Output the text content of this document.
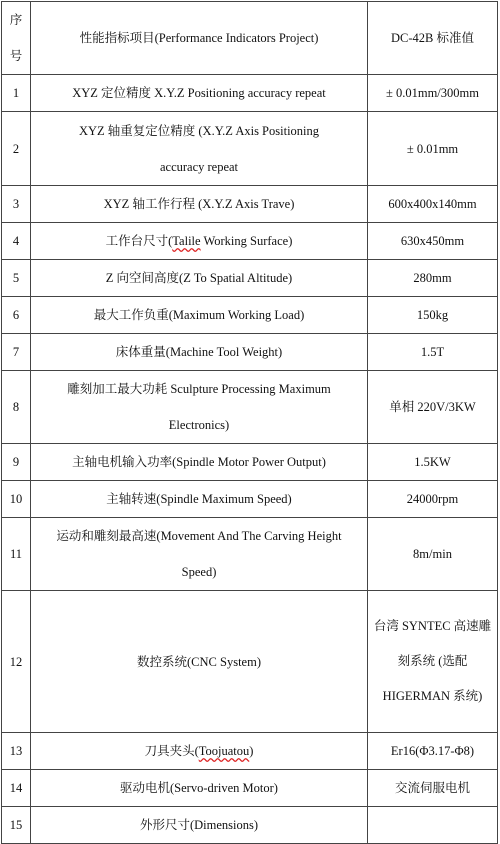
序号	性能指标项目(Performance Indicators Project)	DC-42B 标准值
1	XYZ 定位精度 X.Y.Z Positioning accuracy repeat	± 0.01mm/300mm
2	XYZ 轴重复定位精度 (X.Y.Z Axis Positioning accuracy repeat	± 0.01mm
3	XYZ 轴工作行程 (X.Y.Z Axis Trave)	600x400x140mm
4	工作台尺寸(Talile Working Surface)	630x450mm
5	Z 向空间高度(Z To Spatial Altitude)	280mm
6	最大工作负重(Maximum Working Load)	150kg
7	床体重量(Machine Tool Weight)	1.5T
8	雕刻加工最大功耗 Sculpture Processing Maximum Electronics)	单相 220V/3KW
9	主轴电机输入功率(Spindle Motor Power Output)	1.5KW
10	主轴转速(Spindle Maximum Speed)	24000rpm
11	运动和雕刻最高速(Movement And The Carving Height Speed)	8m/min
12	数控系统(CNC System)	台湾 SYNTEC 高速雕刻系统 (选配 HIGERMAN 系统)
13	刀具夹头(Toojuatou)	Er16(Φ3.17-Φ8)
14	驱动电机(Servo-driven Motor)	交流伺服电机
15	外形尺寸(Dimensions)	
